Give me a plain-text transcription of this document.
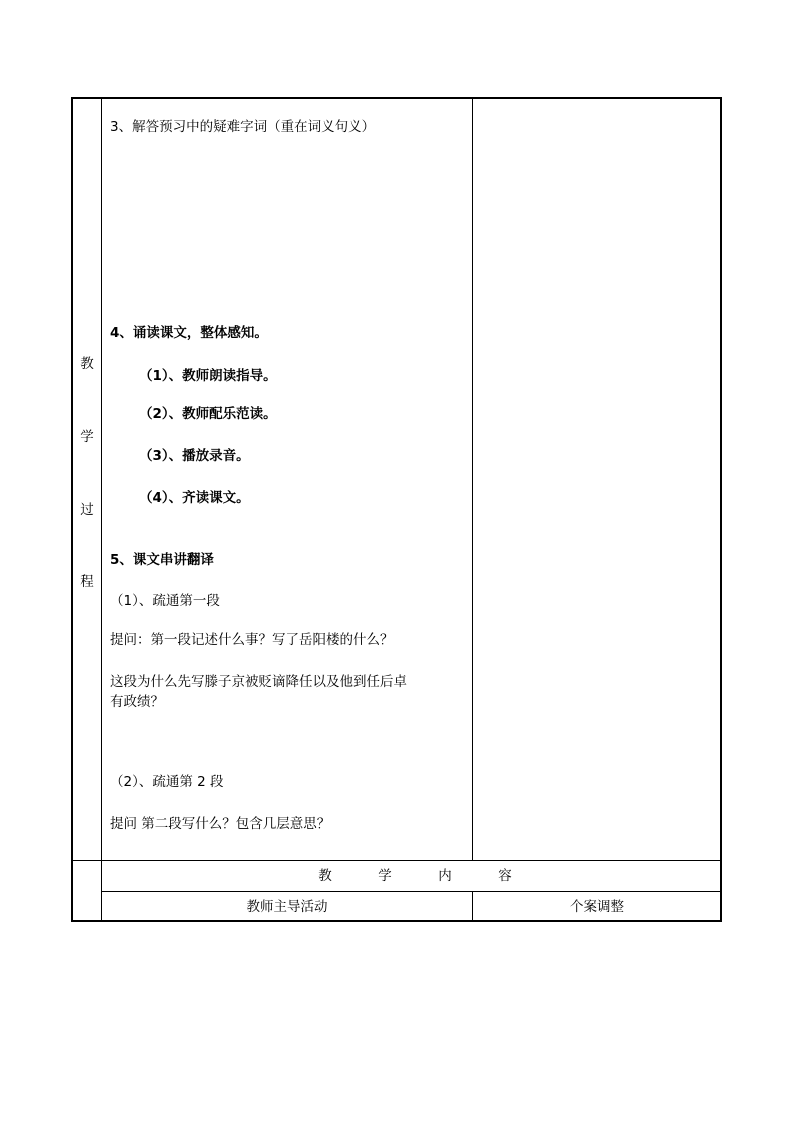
教
学
过
程
3、解答预习中的疑难字词（重在词义句义）
4、诵读课文，整体感知。
（1）、教师朗读指导。
（2）、教师配乐范读。
（3）、播放录音。
（4）、齐读课文。
5、课文串讲翻译
（1）、疏通第一段
提问：第一段记述什么事？写了岳阳楼的什么？
这段为什么先写滕子京被贬谪降任以及他到任后卓
有政绩？
（2）、疏通第 2 段
提问 第二段写什么？包含几层意思？
教	学	内	容
教师主导活动	个案调整
